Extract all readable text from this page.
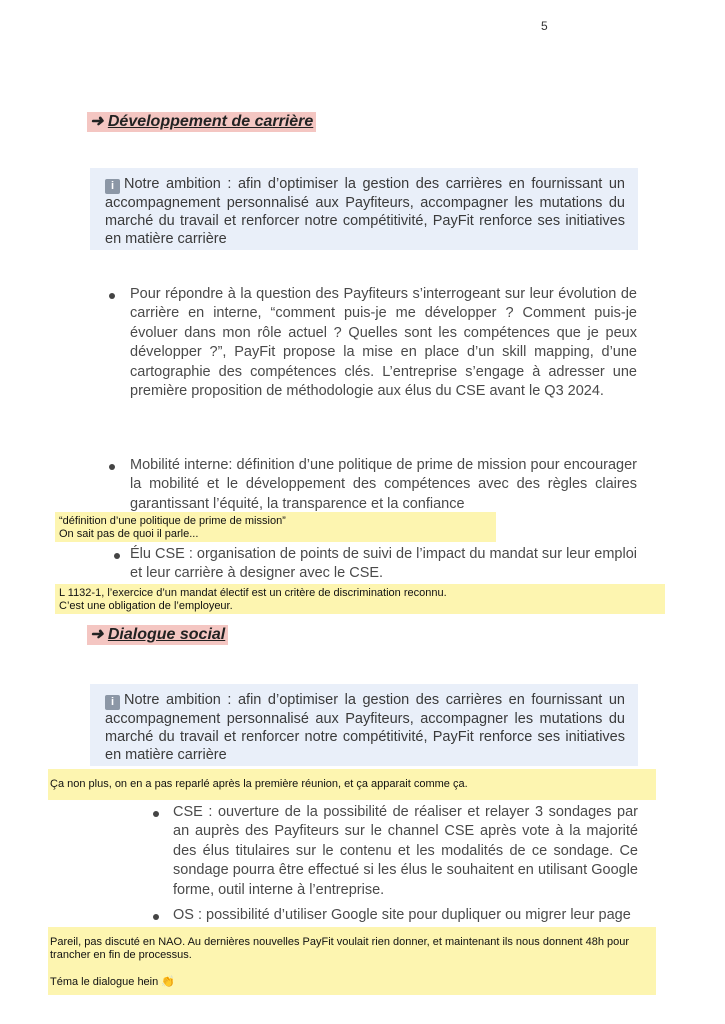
5
➜ Développement de carrière
i Notre ambition : afin d’optimiser la gestion des carrières en fournissant un accompagnement personnalisé aux Payfiteurs, accompagner les mutations du marché du travail et renforcer notre compétitivité, PayFit renforce ses initiatives en matière carrière
Pour répondre à la question des Payfiteurs s’interrogeant sur leur évolution de carrière en interne, “comment puis-je me développer ? Comment puis-je évoluer dans mon rôle actuel ? Quelles sont les compétences que je peux développer ?”, PayFit propose la mise en place d’un skill mapping, d’une cartographie des compétences clés. L’entreprise s’engage à adresser une première proposition de méthodologie aux élus du CSE avant le Q3 2024.
Mobilité interne: définition d’une politique de prime de mission pour encourager la mobilité et le développement des compétences avec des règles claires garantissant l’équité, la transparence et la confiance
“définition d’une politique de prime de mission”
On sait pas de quoi il parle...
Élu CSE : organisation de points de suivi de l’impact du mandat sur leur emploi et leur carrière à designer avec le CSE.
L 1132-1, l’exercice d’un mandat électif est un critère de discrimination reconnu.
C’est une obligation de l’employeur.
➜ Dialogue social
i Notre ambition : afin d’optimiser la gestion des carrières en fournissant un accompagnement personnalisé aux Payfiteurs, accompagner les mutations du marché du travail et renforcer notre compétitivité, PayFit renforce ses initiatives en matière carrière
Ça non plus, on en a pas reparlé après la première réunion, et ça apparait comme ça.
CSE : ouverture de la possibilité de réaliser et relayer 3 sondages par an auprès des Payfiteurs sur le channel CSE après vote à la majorité des élus titulaires sur le contenu et les modalités de ce sondage. Ce sondage pourra être effectué si les élus le souhaitent en utilisant Google forme, outil interne à l’entreprise.
OS : possibilité d’utiliser Google site pour dupliquer ou migrer leur page
Pareil, pas discuté en NAO. Au dernières nouvelles PayFit voulait rien donner, et maintenant ils nous donnent 48h pour trancher en fin de processus.
Téma le dialogue hein 👏
